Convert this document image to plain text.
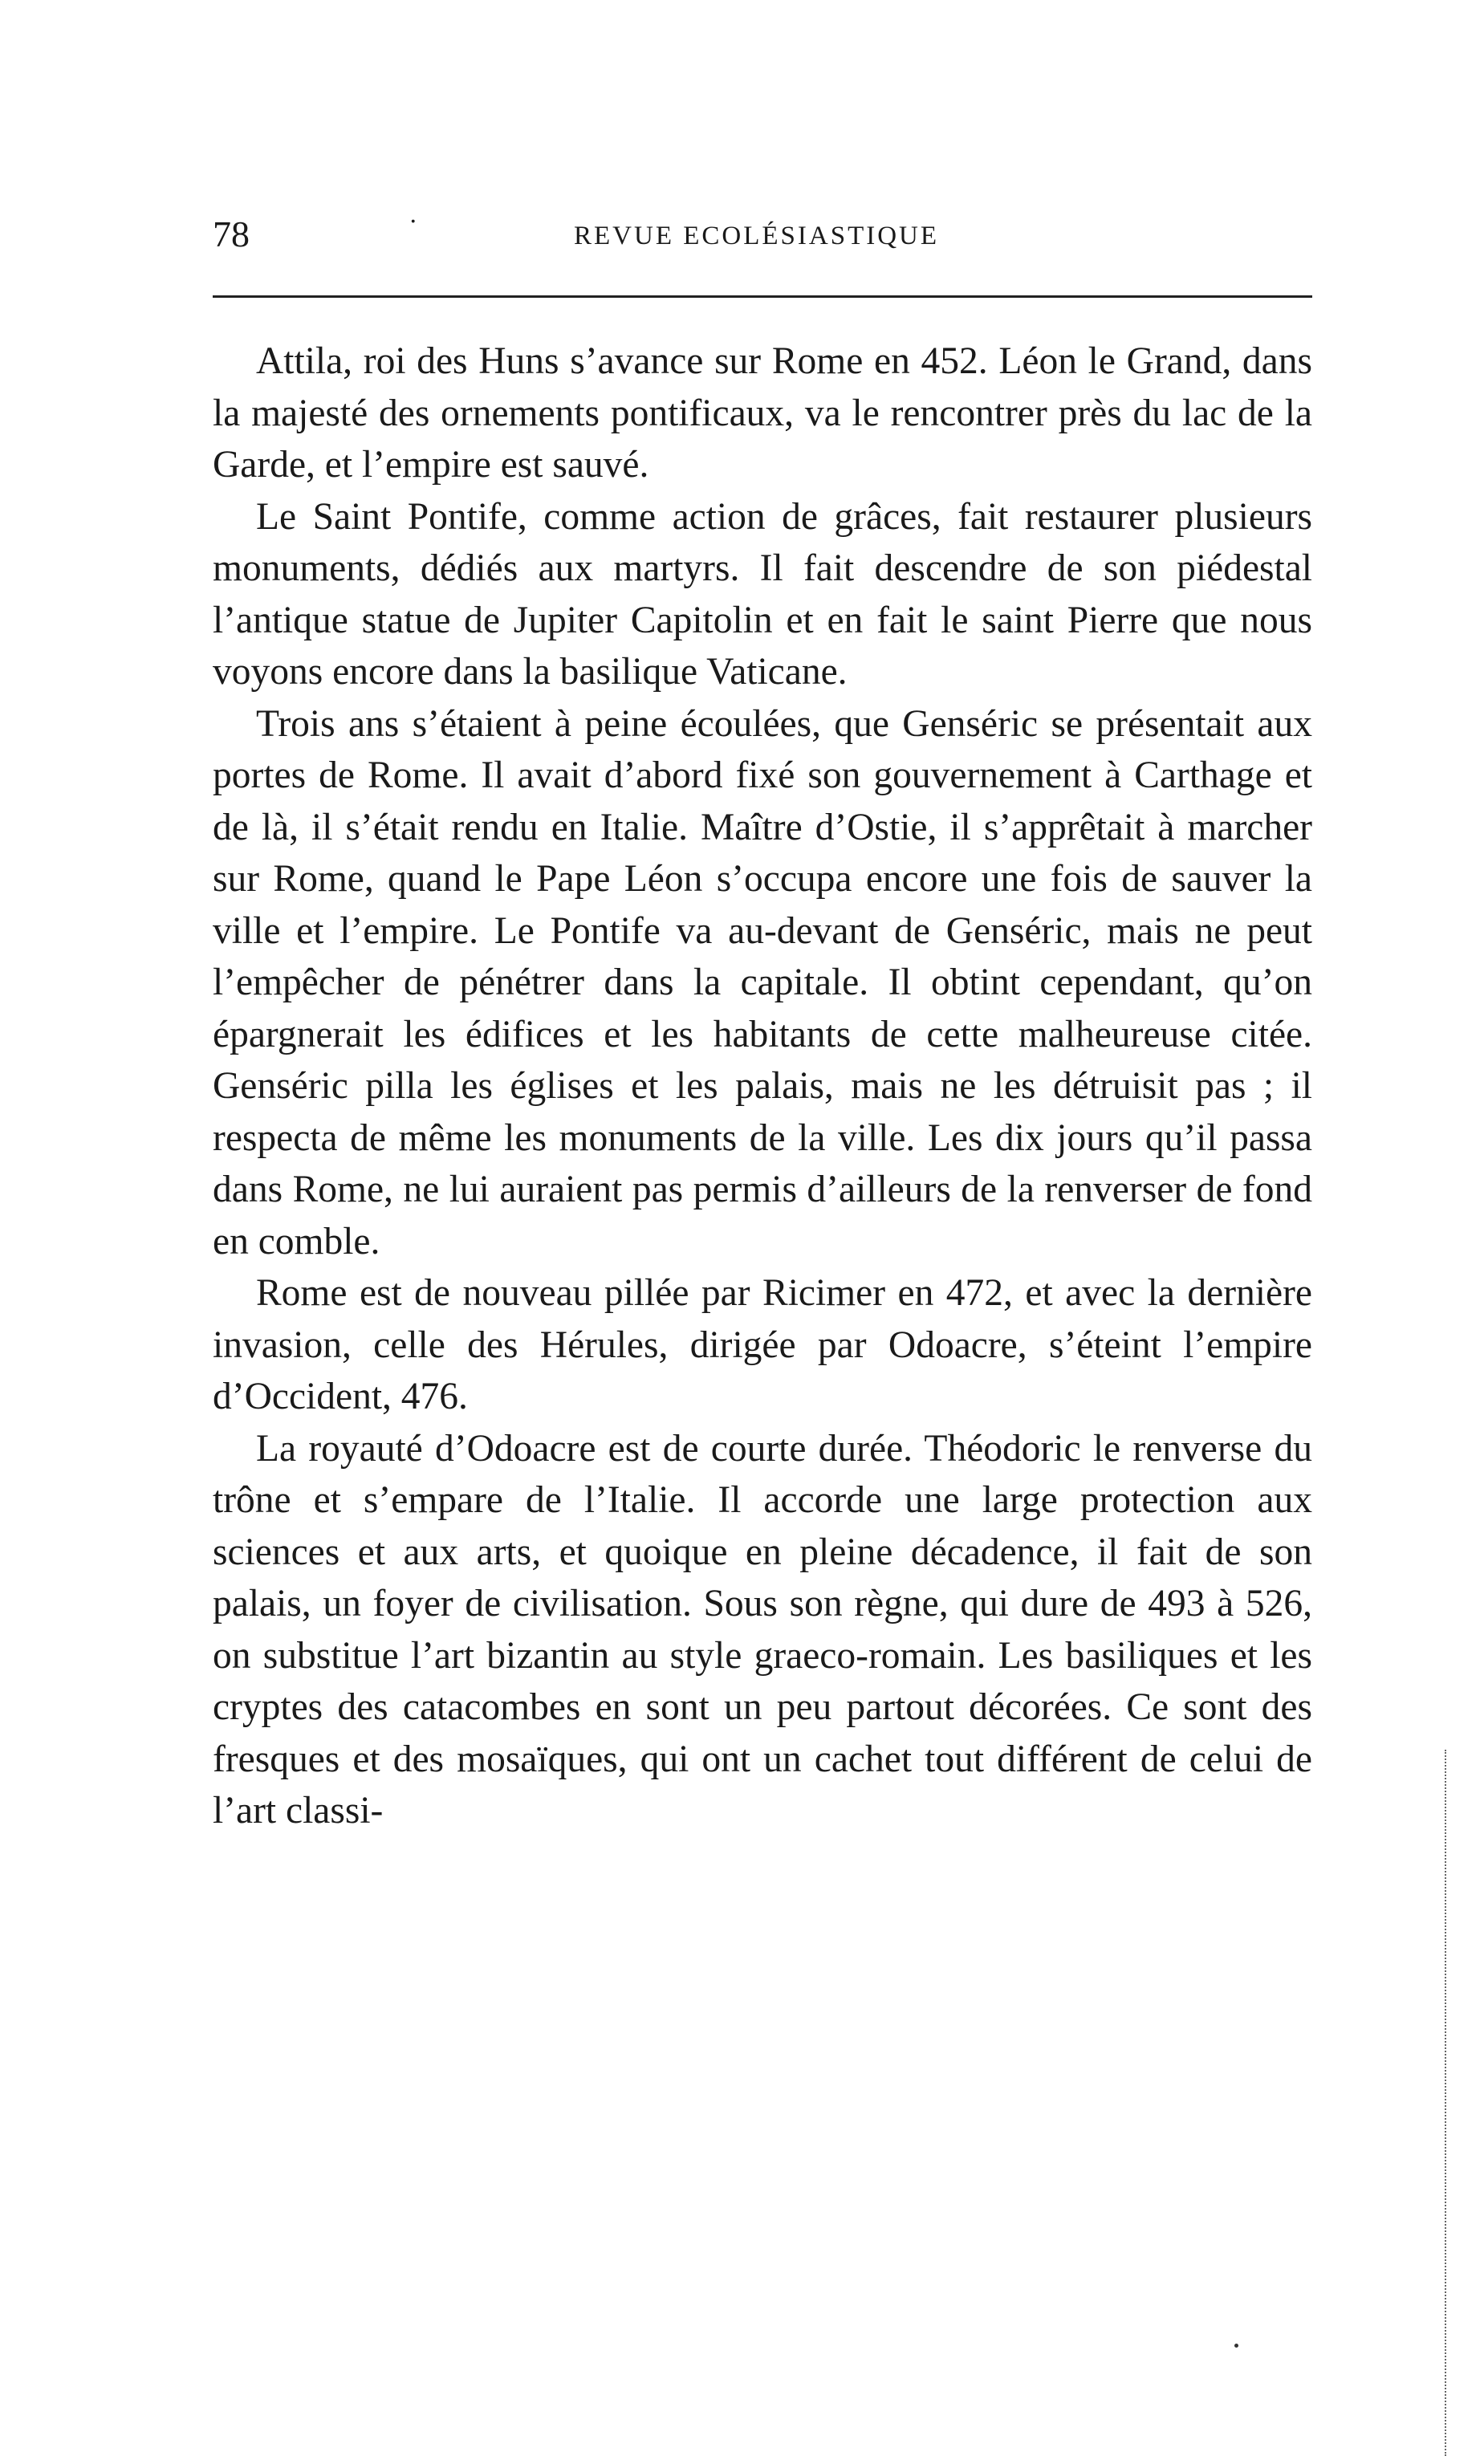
78	·	REVUE ECOLÉSIASTIQUE

Attila, roi des Huns s’avance sur Rome en 452. Léon le Grand, dans la majesté des ornements pontificaux, va le rencontrer près du lac de la Garde, et l’empire est sauvé.

Le Saint Pontife, comme action de grâces, fait restaurer plusieurs monuments, dédiés aux martyrs. Il fait descendre de son piédestal l’antique statue de Jupiter Capitolin et en fait le saint Pierre que nous voyons encore dans la basilique Vaticane.

Trois ans s’étaient à peine écoulées, que Genséric se présentait aux portes de Rome. Il avait d’abord fixé son gouvernement à Carthage et de là, il s’était rendu en Italie. Maître d’Ostie, il s’apprêtait à marcher sur Rome, quand le Pape Léon s’occupa encore une fois de sauver la ville et l’empire. Le Pontife va au-devant de Genséric, mais ne peut l’empêcher de pénétrer dans la capitale. Il obtint cependant, qu’on épargnerait les édifices et les habitants de cette malheureuse citée. Genséric pilla les églises et les palais, mais ne les détruisit pas ; il respecta de même les monuments de la ville. Les dix jours qu’il passa dans Rome, ne lui auraient pas permis d’ailleurs de la renverser de fond en comble.

Rome est de nouveau pillée par Ricimer en 472, et avec la dernière invasion, celle des Hérules, dirigée par Odoacre, s’éteint l’empire d’Occident, 476.

La royauté d’Odoacre est de courte durée. Théodoric le renverse du trône et s’empare de l’Italie. Il accorde une large protection aux sciences et aux arts, et quoique en pleine décadence, il fait de son palais, un foyer de civilisation. Sous son règne, qui dure de 493 à 526, on substitue l’art bizantin au style graeco-romain. Les basiliques et les cryptes des catacombes en sont un peu partout décorées. Ce sont des fresques et des mosaïques, qui ont un cachet tout différent de celui de l’art classi-
